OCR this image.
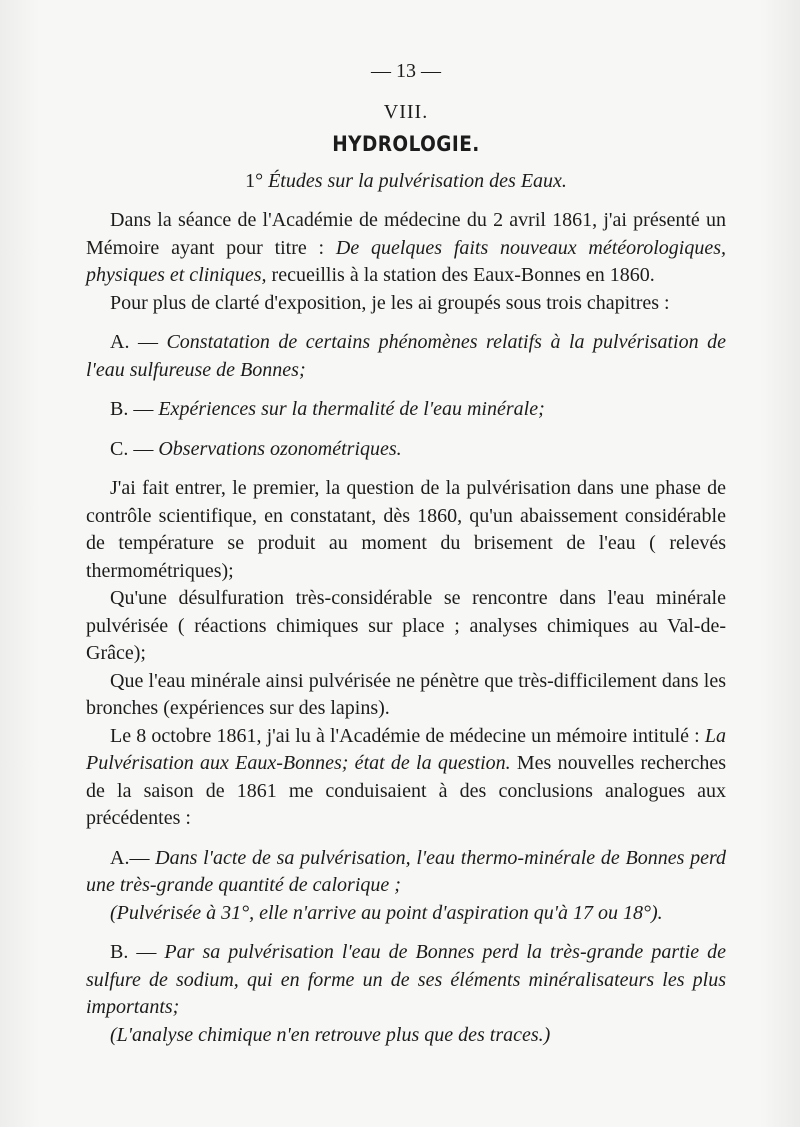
— 13 —
VIII.
HYDROLOGIE.
1° Études sur la pulvérisation des Eaux.

Dans la séance de l'Académie de médecine du 2 avril 1861, j'ai présenté un Mémoire ayant pour titre : De quelques faits nouveaux météorologiques, physiques et cliniques, recueillis à la station des Eaux-Bonnes en 1860.

Pour plus de clarté d'exposition, je les ai groupés sous trois chapitres :

A. — Constatation de certains phénomènes relatifs à la pulvérisation de l'eau sulfureuse de Bonnes;

B. — Expériences sur la thermalité de l'eau minérale;

C. — Observations ozonométriques.

J'ai fait entrer, le premier, la question de la pulvérisation dans une phase de contrôle scientifique, en constatant, dès 1860, qu'un abaissement considérable de température se produit au moment du brisement de l'eau ( relevés thermométriques);

Qu'une désulfuration très-considérable se rencontre dans l'eau minérale pulvérisée ( réactions chimiques sur place ; analyses chimiques au Val-de-Grâce);

Que l'eau minérale ainsi pulvérisée ne pénètre que très-difficilement dans les bronches (expériences sur des lapins).

Le 8 octobre 1861, j'ai lu à l'Académie de médecine un mémoire intitulé : La Pulvérisation aux Eaux-Bonnes; état de la question. Mes nouvelles recherches de la saison de 1861 me conduisaient à des conclusions analogues aux précédentes :

A.— Dans l'acte de sa pulvérisation, l'eau thermo-minérale de Bonnes perd une très-grande quantité de calorique ;

(Pulvérisée à 31°, elle n'arrive au point d'aspiration qu'à 17 ou 18°).

B. — Par sa pulvérisation l'eau de Bonnes perd la très-grande partie de sulfure de sodium, qui en forme un de ses éléments minéralisateurs les plus importants;

(L'analyse chimique n'en retrouve plus que des traces.)
